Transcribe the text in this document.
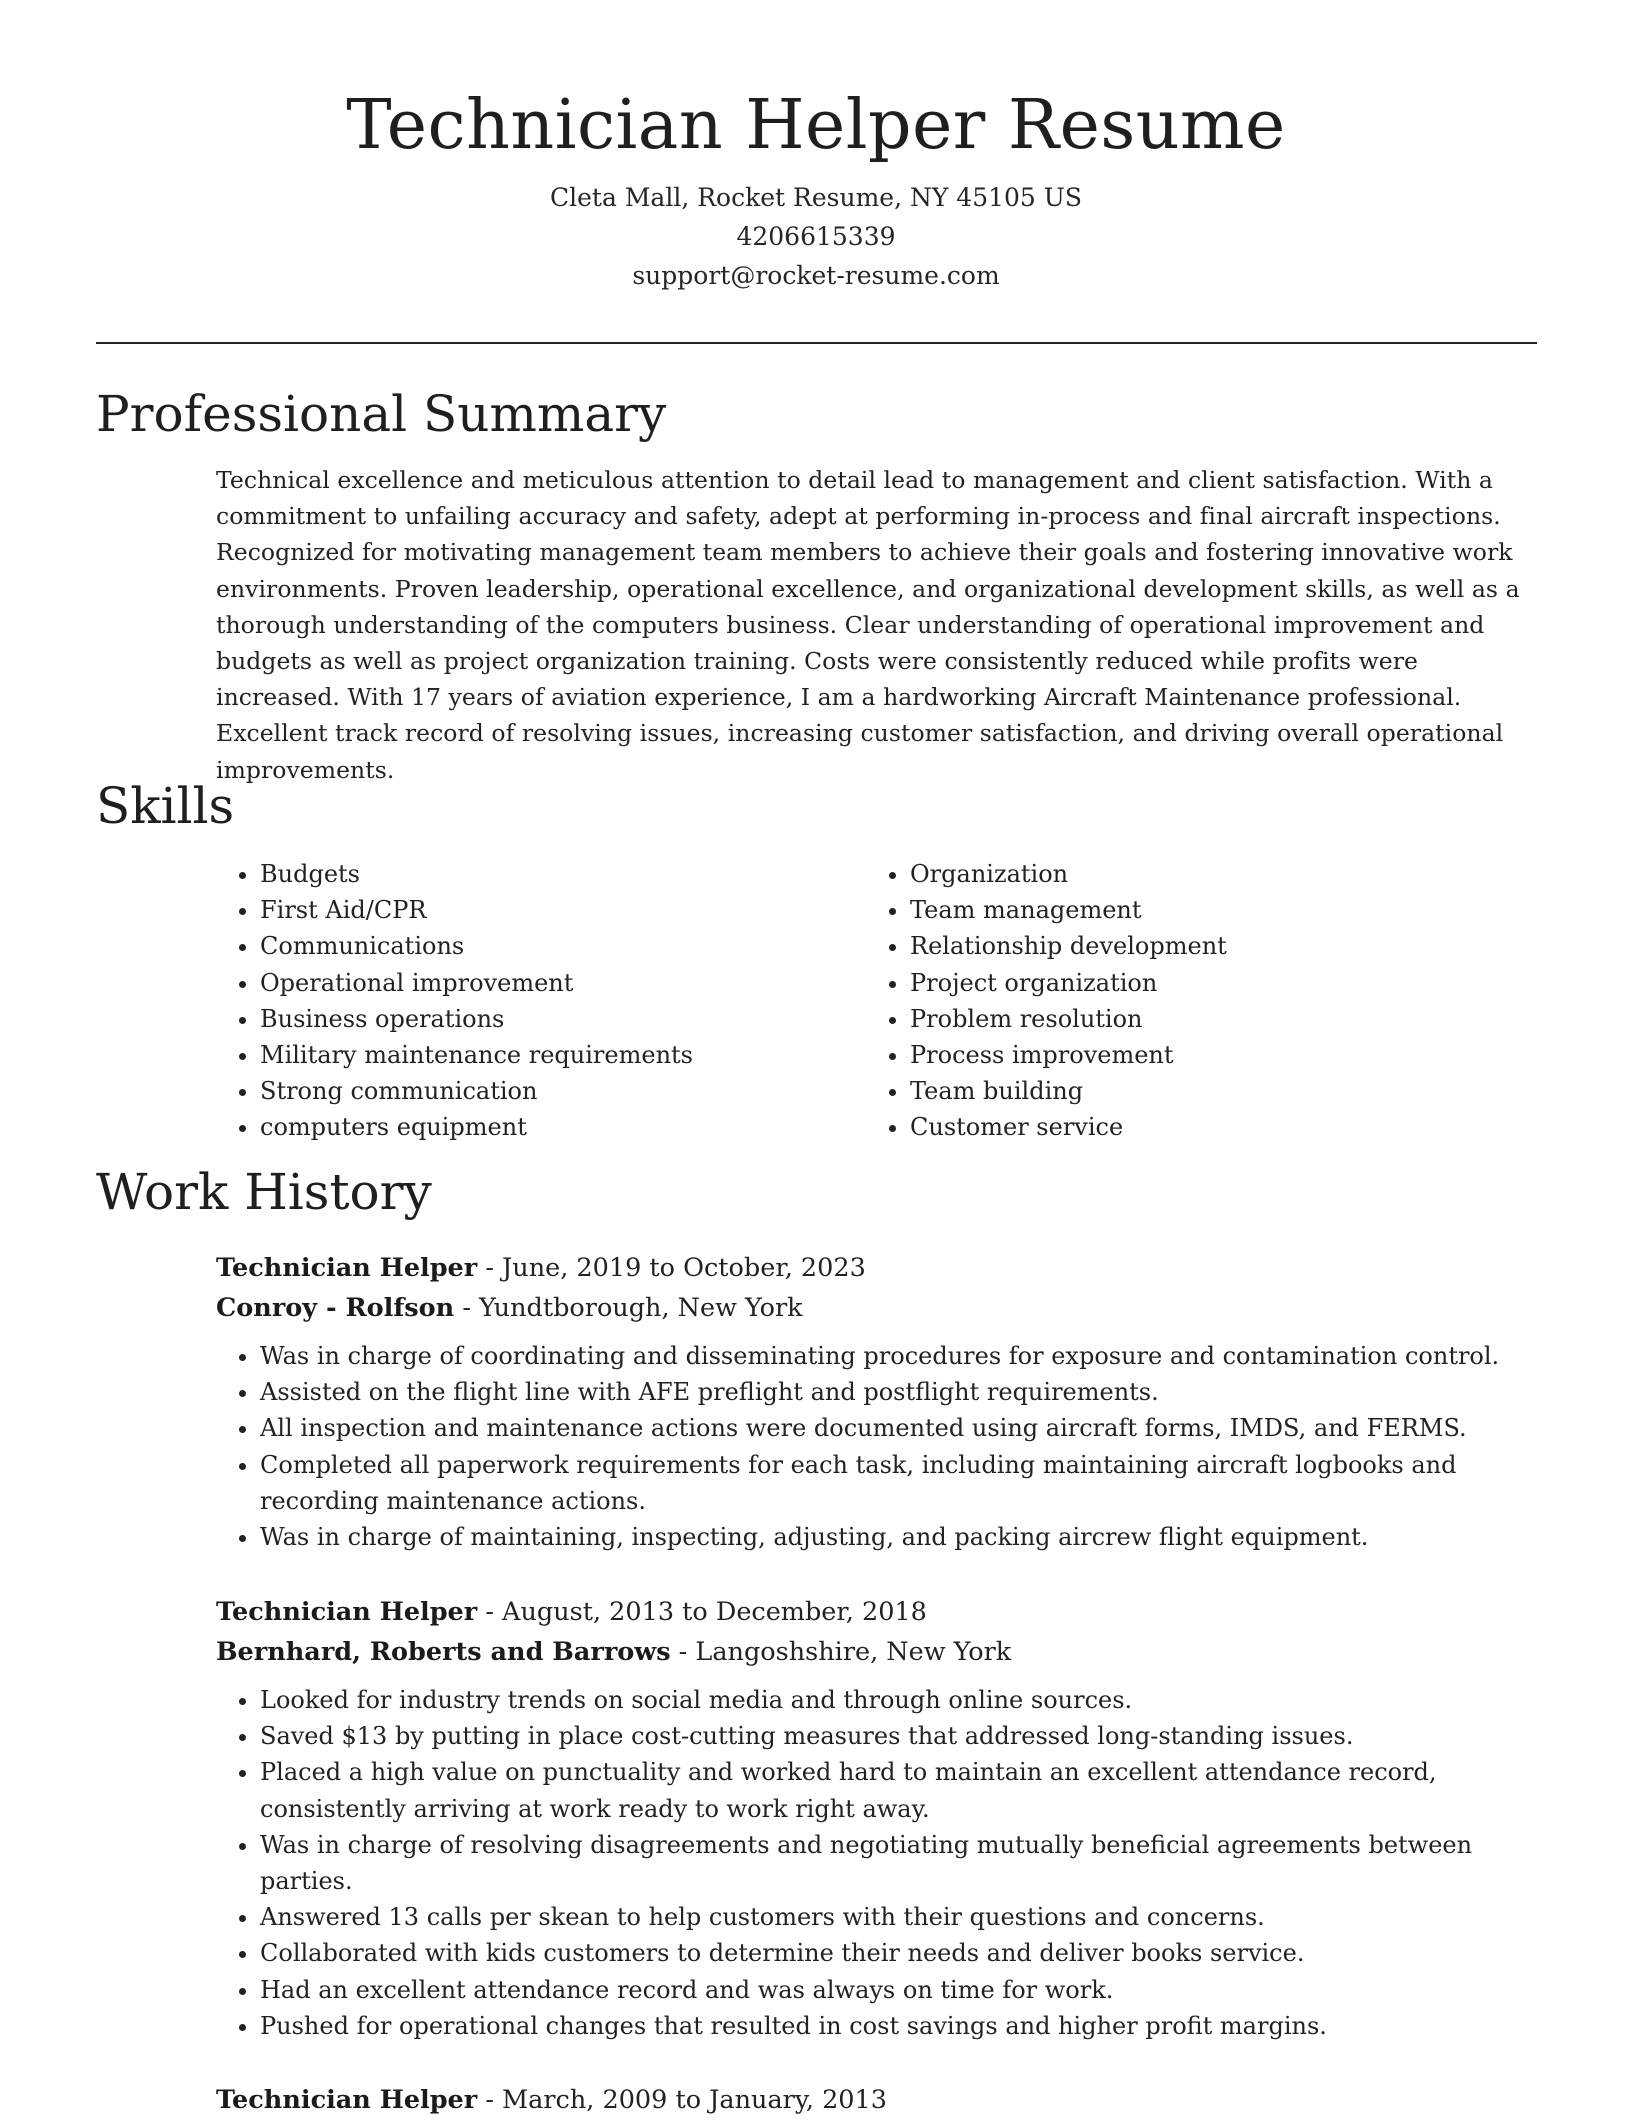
Technician Helper Resume
Cleta Mall, Rocket Resume, NY 45105 US
4206615339
support@rocket-resume.com
Professional Summary

Technical excellence and meticulous attention to detail lead to management and client satisfaction. With a commitment to unfailing accuracy and safety, adept at performing in-process and final aircraft inspections. Recognized for motivating management team members to achieve their goals and fostering innovative work environments. Proven leadership, operational excellence, and organizational development skills, as well as a thorough understanding of the computers business. Clear understanding of operational improvement and budgets as well as project organization training. Costs were consistently reduced while profits were increased. With 17 years of aviation experience, I am a hardworking Aircraft Maintenance professional. Excellent track record of resolving issues, increasing customer satisfaction, and driving overall operational improvements.

Skills
• Budgets
• First Aid/CPR
• Communications
• Operational improvement
• Business operations
• Military maintenance requirements
• Strong communication
• computers equipment
• Organization
• Team management
• Relationship development
• Project organization
• Problem resolution
• Process improvement
• Team building
• Customer service
Work History
Technician Helper - June, 2019 to October, 2023
Conroy - Rolfson - Yundtborough, New York
• Was in charge of coordinating and disseminating procedures for exposure and contamination control.
• Assisted on the flight line with AFE preflight and postflight requirements.
• All inspection and maintenance actions were documented using aircraft forms, IMDS, and FERMS.
• Completed all paperwork requirements for each task, including maintaining aircraft logbooks and recording maintenance actions.
• Was in charge of maintaining, inspecting, adjusting, and packing aircrew flight equipment.
Technician Helper - August, 2013 to December, 2018
Bernhard, Roberts and Barrows - Langoshshire, New York
• Looked for industry trends on social media and through online sources.
• Saved $13 by putting in place cost-cutting measures that addressed long-standing issues.
• Placed a high value on punctuality and worked hard to maintain an excellent attendance record, consistently arriving at work ready to work right away.
• Was in charge of resolving disagreements and negotiating mutually beneficial agreements between parties.
• Answered 13 calls per skean to help customers with their questions and concerns.
• Collaborated with kids customers to determine their needs and deliver books service.
• Had an excellent attendance record and was always on time for work.
• Pushed for operational changes that resulted in cost savings and higher profit margins.
Technician Helper - March, 2009 to January, 2013
